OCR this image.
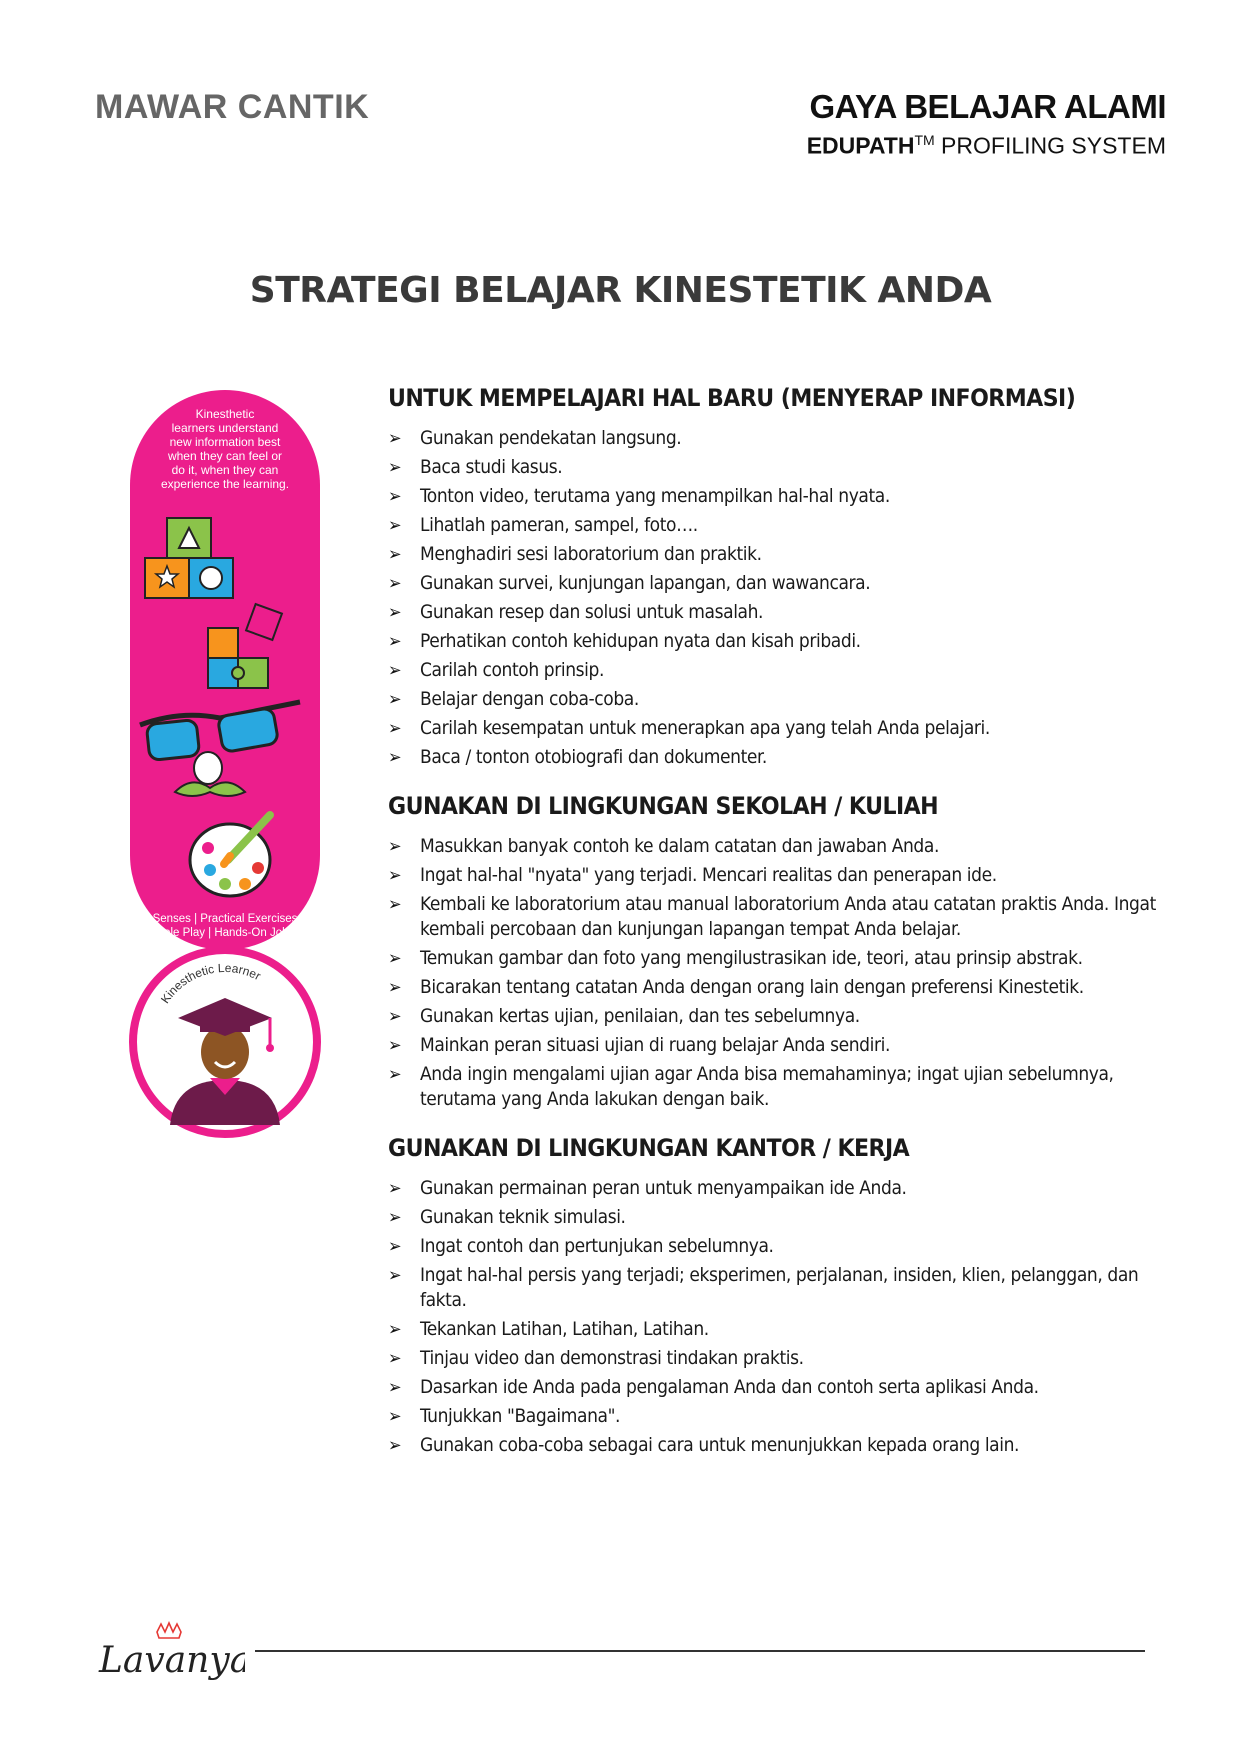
MAWAR CANTIK	GAYA BELAJAR ALAMI
EDUPATH™ PROFILING SYSTEM
STRATEGI BELAJAR KINESTETIK ANDA
Kinesthetic
learners understand
new information best
when they can feel or
do it, when they can
experience the learning.
Senses | Practical Exercises
Role Play | Hands-On Jobs
Kinesthetic Learner
UNTUK MEMPELAJARI HAL BARU (MENYERAP INFORMASI)
➢ Gunakan pendekatan langsung.
➢ Baca studi kasus.
➢ Tonton video, terutama yang menampilkan hal-hal nyata.
➢ Lihatlah pameran, sampel, foto….
➢ Menghadiri sesi laboratorium dan praktik.
➢ Gunakan survei, kunjungan lapangan, dan wawancara.
➢ Gunakan resep dan solusi untuk masalah.
➢ Perhatikan contoh kehidupan nyata dan kisah pribadi.
➢ Carilah contoh prinsip.
➢ Belajar dengan coba-coba.
➢ Carilah kesempatan untuk menerapkan apa yang telah Anda pelajari.
➢ Baca / tonton otobiografi dan dokumenter.
GUNAKAN DI LINGKUNGAN SEKOLAH / KULIAH
➢ Masukkan banyak contoh ke dalam catatan dan jawaban Anda.
➢ Ingat hal-hal "nyata" yang terjadi. Mencari realitas dan penerapan ide.
➢ Kembali ke laboratorium atau manual laboratorium Anda atau catatan praktis Anda. Ingat kembali percobaan dan kunjungan lapangan tempat Anda belajar.
➢ Temukan gambar dan foto yang mengilustrasikan ide, teori, atau prinsip abstrak.
➢ Bicarakan tentang catatan Anda dengan orang lain dengan preferensi Kinestetik.
➢ Gunakan kertas ujian, penilaian, dan tes sebelumnya.
➢ Mainkan peran situasi ujian di ruang belajar Anda sendiri.
➢ Anda ingin mengalami ujian agar Anda bisa memahaminya; ingat ujian sebelumnya, terutama yang Anda lakukan dengan baik.
GUNAKAN DI LINGKUNGAN KANTOR / KERJA
➢ Gunakan permainan peran untuk menyampaikan ide Anda.
➢ Gunakan teknik simulasi.
➢ Ingat contoh dan pertunjukan sebelumnya.
➢ Ingat hal-hal persis yang terjadi; eksperimen, perjalanan, insiden, klien, pelanggan, dan fakta.
➢ Tekankan Latihan, Latihan, Latihan.
➢ Tinjau video dan demonstrasi tindakan praktis.
➢ Dasarkan ide Anda pada pengalaman Anda dan contoh serta aplikasi Anda.
➢ Tunjukkan "Bagaimana".
➢ Gunakan coba-coba sebagai cara untuk menunjukkan kepada orang lain.
Lavanya
